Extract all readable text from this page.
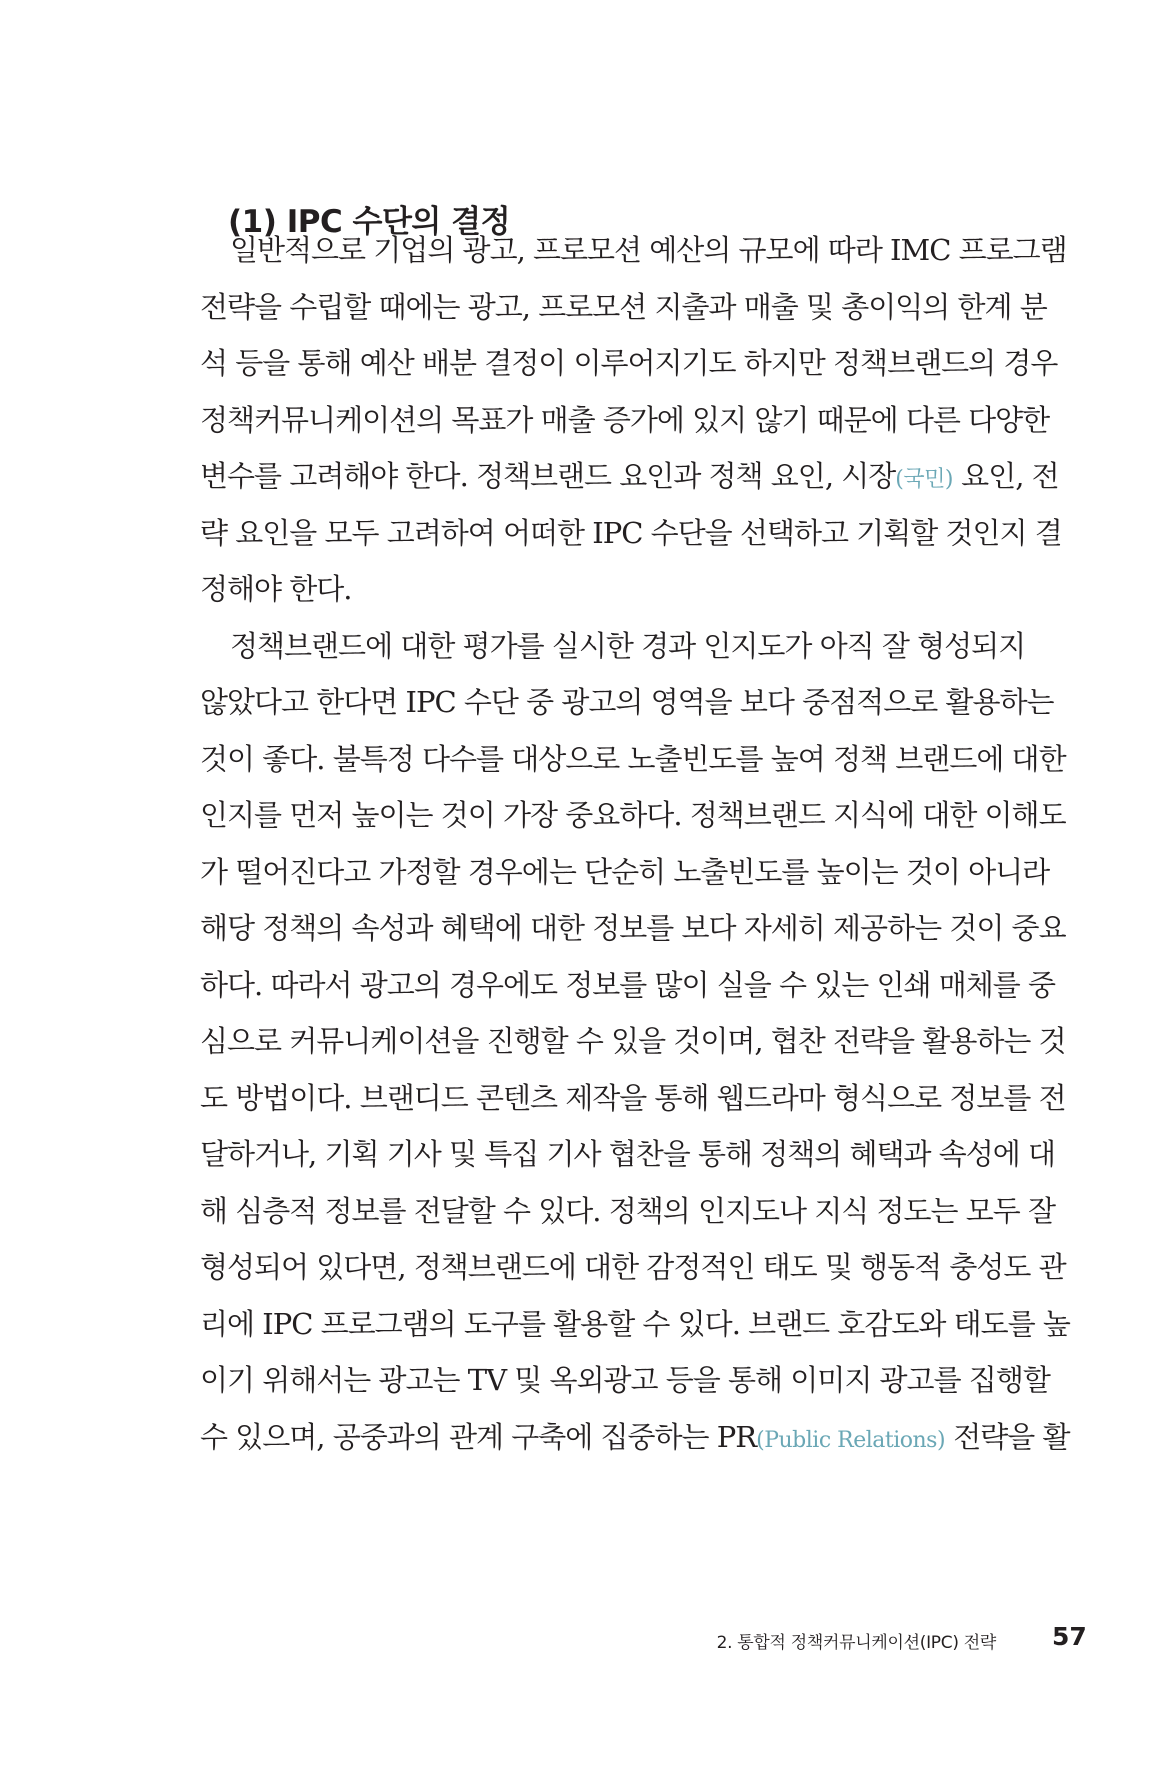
(1) IPC 수단의 결정
일반적으로 기업의 광고, 프로모션 예산의 규모에 따라 IMC 프로그램
전략을 수립할 때에는 광고, 프로모션 지출과 매출 및 총이익의 한계 분
석 등을 통해 예산 배분 결정이 이루어지기도 하지만 정책브랜드의 경우
정책커뮤니케이션의 목표가 매출 증가에 있지 않기 때문에 다른 다양한
변수를 고려해야 한다. 정책브랜드 요인과 정책 요인, 시장(국민) 요인, 전
략 요인을 모두 고려하여 어떠한 IPC 수단을 선택하고 기획할 것인지 결
정해야 한다.
정책브랜드에 대한 평가를 실시한 경과 인지도가 아직 잘 형성되지
않았다고 한다면 IPC 수단 중 광고의 영역을 보다 중점적으로 활용하는
것이 좋다. 불특정 다수를 대상으로 노출빈도를 높여 정책 브랜드에 대한
인지를 먼저 높이는 것이 가장 중요하다. 정책브랜드 지식에 대한 이해도
가 떨어진다고 가정할 경우에는 단순히 노출빈도를 높이는 것이 아니라
해당 정책의 속성과 혜택에 대한 정보를 보다 자세히 제공하는 것이 중요
하다. 따라서 광고의 경우에도 정보를 많이 실을 수 있는 인쇄 매체를 중
심으로 커뮤니케이션을 진행할 수 있을 것이며, 협찬 전략을 활용하는 것
도 방법이다. 브랜디드 콘텐츠 제작을 통해 웹드라마 형식으로 정보를 전
달하거나, 기획 기사 및 특집 기사 협찬을 통해 정책의 혜택과 속성에 대
해 심층적 정보를 전달할 수 있다. 정책의 인지도나 지식 정도는 모두 잘
형성되어 있다면, 정책브랜드에 대한 감정적인 태도 및 행동적 충성도 관
리에 IPC 프로그램의 도구를 활용할 수 있다. 브랜드 호감도와 태도를 높
이기 위해서는 광고는 TV 및 옥외광고 등을 통해 이미지 광고를 집행할
수 있으며, 공중과의 관계 구축에 집중하는 PR(Public Relations) 전략을 활
2. 통합적 정책커뮤니케이션(IPC) 전략 57
